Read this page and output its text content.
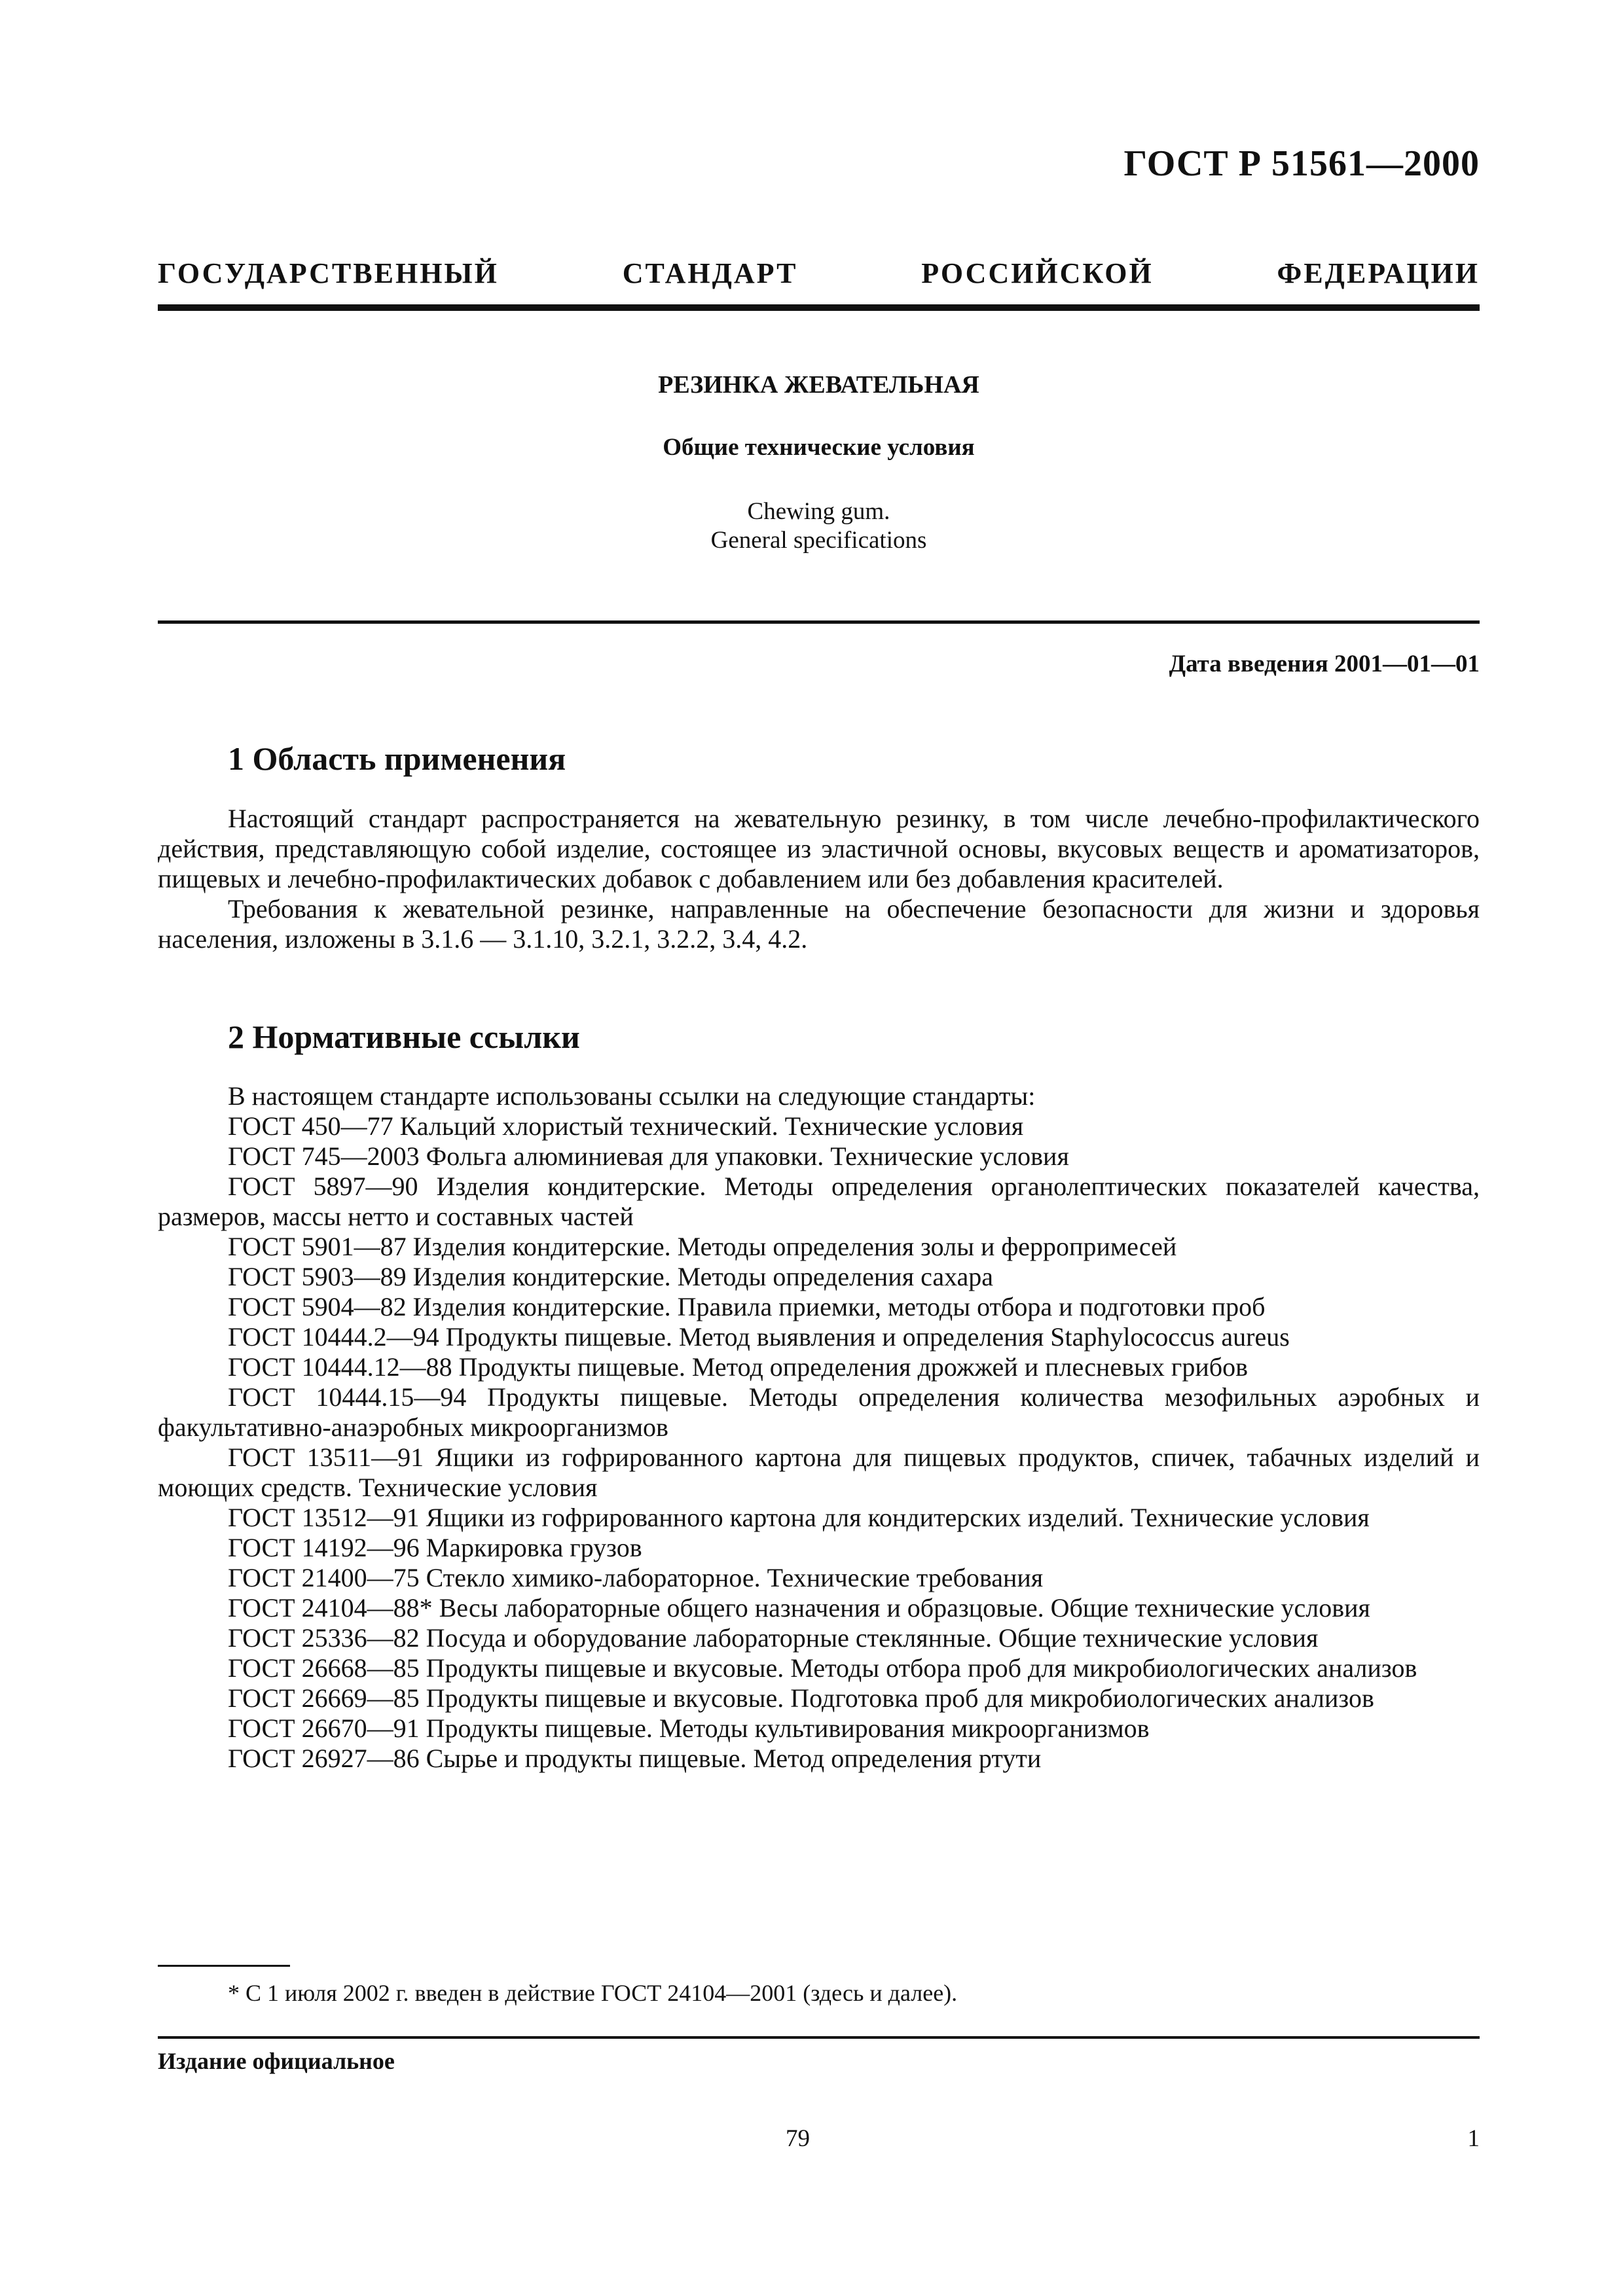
ГОСТ Р 51561—2000
ГОСУДАРСТВЕННЫЙ СТАНДАРТ РОССИЙСКОЙ ФЕДЕРАЦИИ
РЕЗИНКА ЖЕВАТЕЛЬНАЯ
Общие технические условия
Chewing gum.
General specifications
Дата введения 2001—01—01
1 Область применения

Настоящий стандарт распространяется на жевательную резинку, в том числе лечебно-профилактического действия, представляющую собой изделие, состоящее из эластичной основы, вкусовых веществ и ароматизаторов, пищевых и лечебно-профилактических добавок с добавлением или без добавления красителей.

Требования к жевательной резинке, направленные на обеспечение безопасности для жизни и здоровья населения, изложены в 3.1.6 — 3.1.10, 3.2.1, 3.2.2, 3.4, 4.2.

2 Нормативные ссылки

В настоящем стандарте использованы ссылки на следующие стандарты:

ГОСТ 450—77 Кальций хлористый технический. Технические условия

ГОСТ 745—2003 Фольга алюминиевая для упаковки. Технические условия

ГОСТ 5897—90 Изделия кондитерские. Методы определения органолептических показателей качества, размеров, массы нетто и составных частей

ГОСТ 5901—87 Изделия кондитерские. Методы определения золы и ферропримесей

ГОСТ 5903—89 Изделия кондитерские. Методы определения сахара

ГОСТ 5904—82 Изделия кондитерские. Правила приемки, методы отбора и подготовки проб

ГОСТ 10444.2—94 Продукты пищевые. Метод выявления и определения Staphylococcus aureus

ГОСТ 10444.12—88 Продукты пищевые. Метод определения дрожжей и плесневых грибов

ГОСТ 10444.15—94 Продукты пищевые. Методы определения количества мезофильных аэробных и факультативно-анаэробных микроорганизмов

ГОСТ 13511—91 Ящики из гофрированного картона для пищевых продуктов, спичек, табачных изделий и моющих средств. Технические условия

ГОСТ 13512—91 Ящики из гофрированного картона для кондитерских изделий. Технические условия

ГОСТ 14192—96 Маркировка грузов

ГОСТ 21400—75 Стекло химико-лабораторное. Технические требования

ГОСТ 24104—88* Весы лабораторные общего назначения и образцовые. Общие технические условия

ГОСТ 25336—82 Посуда и оборудование лабораторные стеклянные. Общие технические условия

ГОСТ 26668—85 Продукты пищевые и вкусовые. Методы отбора проб для микробиологических анализов

ГОСТ 26669—85 Продукты пищевые и вкусовые. Подготовка проб для микробиологических анализов

ГОСТ 26670—91 Продукты пищевые. Методы культивирования микроорганизмов

ГОСТ 26927—86 Сырье и продукты пищевые. Метод определения ртути

* С 1 июля 2002 г. введен в действие ГОСТ 24104—2001 (здесь и далее).
Издание официальное
79	1
